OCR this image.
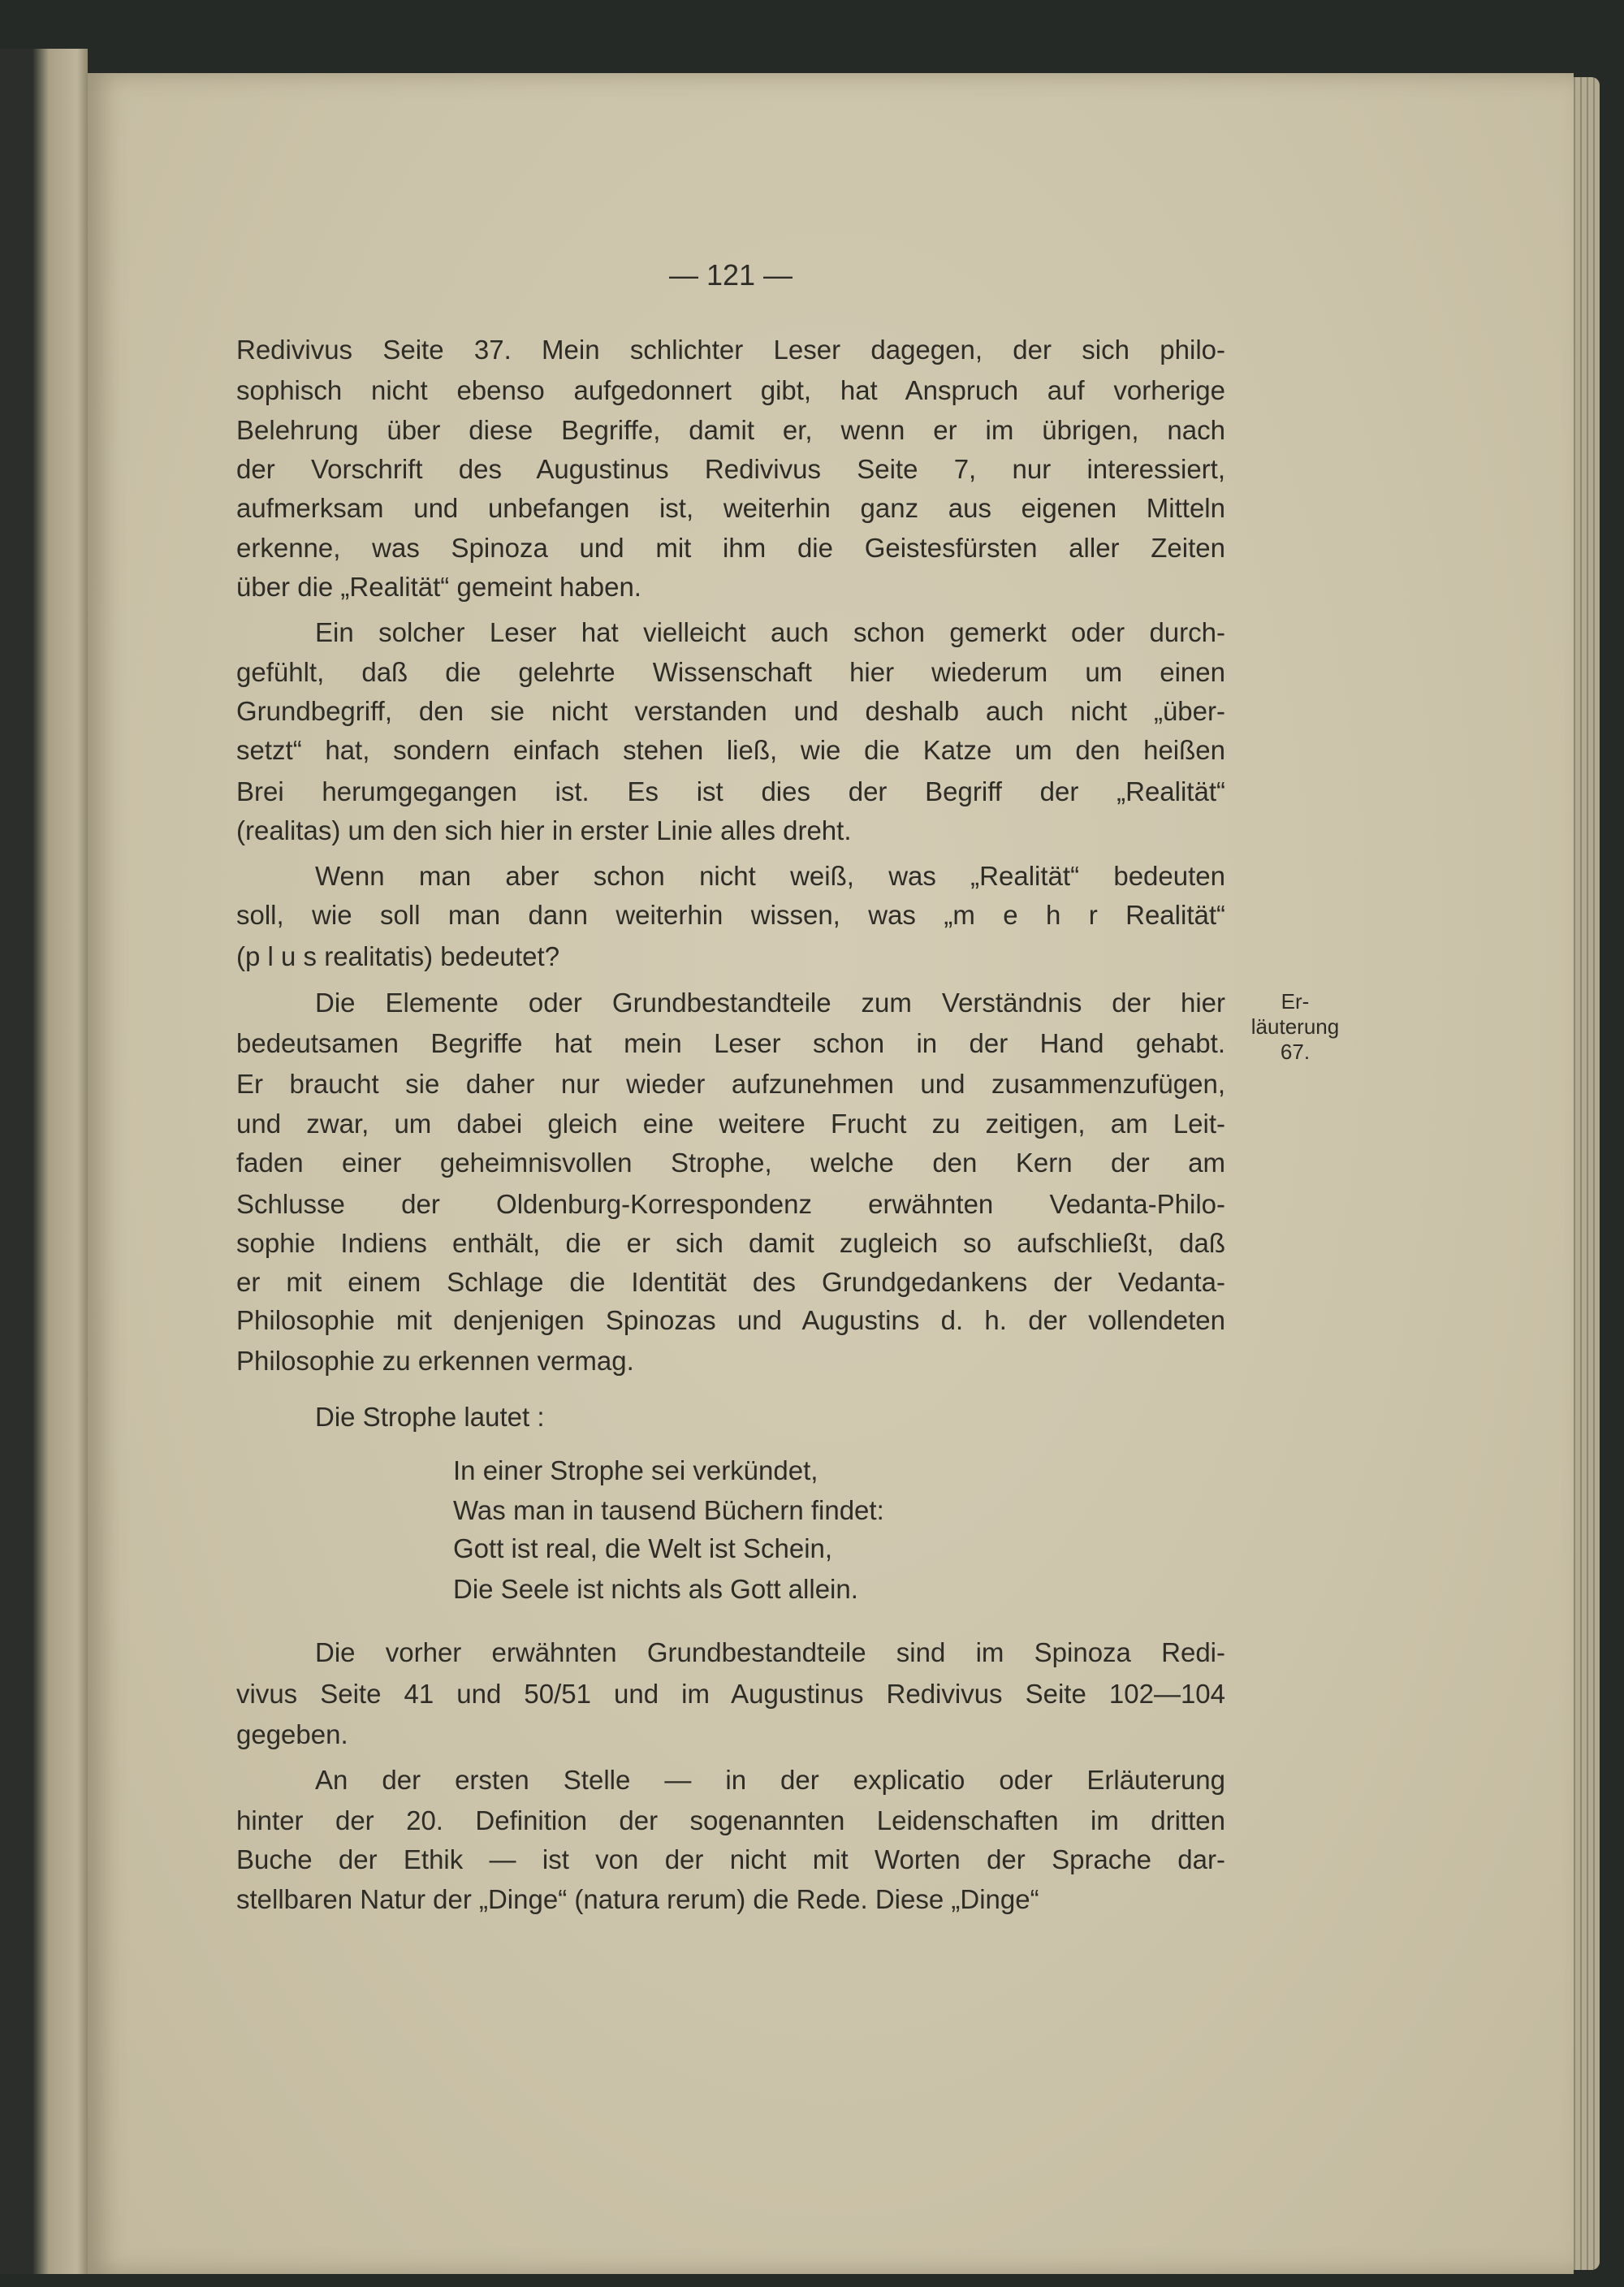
— 121 —
Redivivus Seite 37. Mein schlichter Leser dagegen, der sich philo-
sophisch nicht ebenso aufgedonnert gibt, hat Anspruch auf vorherige
Belehrung über diese Begriffe, damit er, wenn er im übrigen, nach
der Vorschrift des Augustinus Redivivus Seite 7, nur interessiert,
aufmerksam und unbefangen ist, weiterhin ganz aus eigenen Mitteln
erkenne, was Spinoza und mit ihm die Geistesfürsten aller Zeiten
über die „Realität“ gemeint haben.
Ein solcher Leser hat vielleicht auch schon gemerkt oder durch-
gefühlt, daß die gelehrte Wissenschaft hier wiederum um einen
Grundbegriff, den sie nicht verstanden und deshalb auch nicht „über-
setzt“ hat, sondern einfach stehen ließ, wie die Katze um den heißen
Brei herumgegangen ist. Es ist dies der Begriff der „Realität“
(realitas) um den sich hier in erster Linie alles dreht.
Wenn man aber schon nicht weiß, was „Realität“ bedeuten
soll, wie soll man dann weiterhin wissen, was „m e h r Realität“
(p l u s realitatis) bedeutet?
Die Elemente oder Grundbestandteile zum Verständnis der hier
bedeutsamen Begriffe hat mein Leser schon in der Hand gehabt.
Er braucht sie daher nur wieder aufzunehmen und zusammenzufügen,
und zwar, um dabei gleich eine weitere Frucht zu zeitigen, am Leit-
faden einer geheimnisvollen Strophe, welche den Kern der am
Schlusse der Oldenburg-Korrespondenz erwähnten Vedanta-Philo-
sophie Indiens enthält, die er sich damit zugleich so aufschließt, daß
er mit einem Schlage die Identität des Grundgedankens der Vedanta-
Philosophie mit denjenigen Spinozas und Augustins d. h. der vollendeten
Philosophie zu erkennen vermag.
Die Strophe lautet :
Die vorher erwähnten Grundbestandteile sind im Spinoza Redi-
vivus Seite 41 und 50/51 und im Augustinus Redivivus Seite 102—104
gegeben.
An der ersten Stelle — in der explicatio oder Erläuterung
hinter der 20. Definition der sogenannten Leidenschaften im dritten
Buche der Ethik — ist von der nicht mit Worten der Sprache dar-
stellbaren Natur der „Dinge“ (natura rerum) die Rede. Diese „Dinge“
In einer Strophe sei verkündet,
Was man in tausend Büchern findet:
Gott ist real, die Welt ist Schein,
Die Seele ist nichts als Gott allein.
Er-
läuterung
67.
